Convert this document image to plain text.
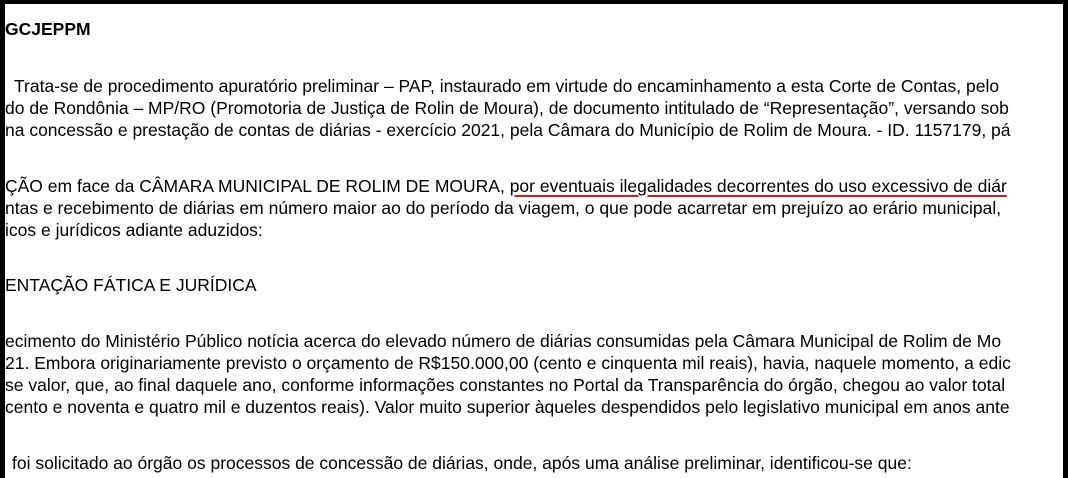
GCJEPPM
Trata-se de procedimento apuratório preliminar – PAP, instaurado em virtude do encaminhamento a esta Corte de Contas, pelo
do de Rondônia – MP/RO (Promotoria de Justiça de Rolin de Moura), de documento intitulado de “Representação”, versando sob
na concessão e prestação de contas de diárias - exercício 2021, pela Câmara do Município de Rolim de Moura. - ID. 1157179, pá
ÇÃO em face da CÂMARA MUNICIPAL DE ROLIM DE MOURA, por eventuais ilegalidades decorrentes do uso excessivo de diár
ntas e recebimento de diárias em número maior ao do período da viagem, o que pode acarretar em prejuízo ao erário municipal,
icos e jurídicos adiante aduzidos:
ENTAÇÃO FÁTICA E JURÍDICA
ecimento do Ministério Público notícia acerca do elevado número de diárias consumidas pela Câmara Municipal de Rolim de Mo
21. Embora originariamente previsto o orçamento de R$150.000,00 (cento e cinquenta mil reais), havia, naquele momento, a edic
se valor, que, ao final daquele ano, conforme informações constantes no Portal da Transparência do órgão, chegou ao valor total
cento e noventa e quatro mil e duzentos reais). Valor muito superior àqueles despendidos pelo legislativo municipal em anos ante
foi solicitado ao órgão os processos de concessão de diárias, onde, após uma análise preliminar, identificou-se que:
